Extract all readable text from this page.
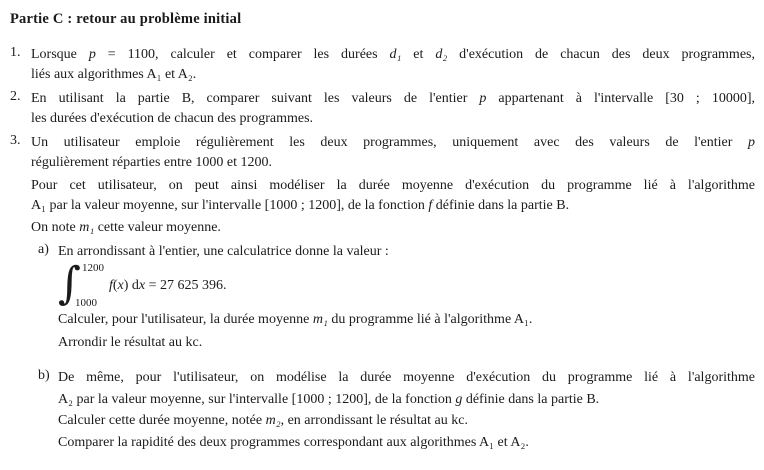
Partie C : retour au problème initial
1. Lorsque p = 1100, calculer et comparer les durées d₁ et d₂ d'exécution de chacun des deux programmes,
liés aux algorithmes A₁ et A₂.
2. En utilisant la partie B, comparer suivant les valeurs de l'entier p appartenant à l'intervalle [30 ; 10000],
les durées d'exécution de chacun des programmes.
3. Un utilisateur emploie régulièrement les deux programmes, uniquement avec des valeurs de l'entier p
régulièrement réparties entre 1000 et 1200.
Pour cet utilisateur, on peut ainsi modéliser la durée moyenne d'exécution du programme lié à l'algorithme
A₁ par la valeur moyenne, sur l'intervalle [1000 ; 1200], de la fonction f définie dans la partie B.
On note m₁ cette valeur moyenne.
a) En arrondissant à l'entier, une calculatrice donne la valeur :
∫ 1200
1000
f(x) dx = 27 625 396.
Calculer, pour l'utilisateur, la durée moyenne m₁ du programme lié à l'algorithme A₁.
Arrondir le résultat au kc.
b) De même, pour l'utilisateur, on modélise la durée moyenne d'exécution du programme lié à l'algorithme
A₂ par la valeur moyenne, sur l'intervalle [1000 ; 1200], de la fonction g définie dans la partie B.
Calculer cette durée moyenne, notée m₂, en arrondissant le résultat au kc.
Comparer la rapidité des deux programmes correspondant aux algorithmes A₁ et A₂.
